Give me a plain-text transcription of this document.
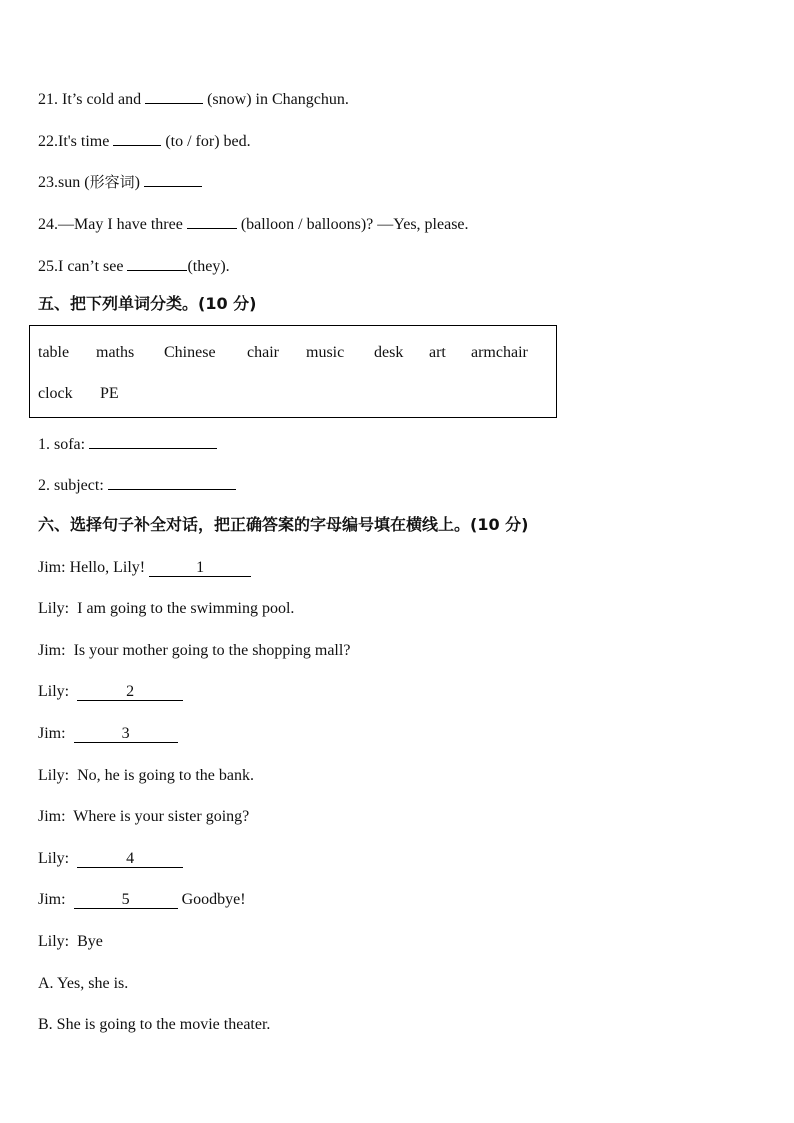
21. It’s cold and	(snow) in Changchun.
22.It's time	(to / for) bed.
23.sun (形容词)
24.—May I have three	(balloon / balloons)? —Yes, please.
25.I can’t see	(they).
五、把下列单词分类。(10 分)
table	maths	Chinese	chair	music	desk	art	armchair
clock	PE
1. sofa:
2. subject:
六、选择句子补全对话，把正确答案的字母编号填在横线上。(10 分)
Jim: Hello, Lily!	1
Lily: I am going to the swimming pool.
Jim: Is your mother going to the shopping mall?
Lily:	2
Jim:	3
Lily: No, he is going to the bank.
Jim: Where is your sister going?
Lily:	4
Jim:	5	Goodbye!
Lily: Bye
A. Yes, she is.
B. She is going to the movie theater.
